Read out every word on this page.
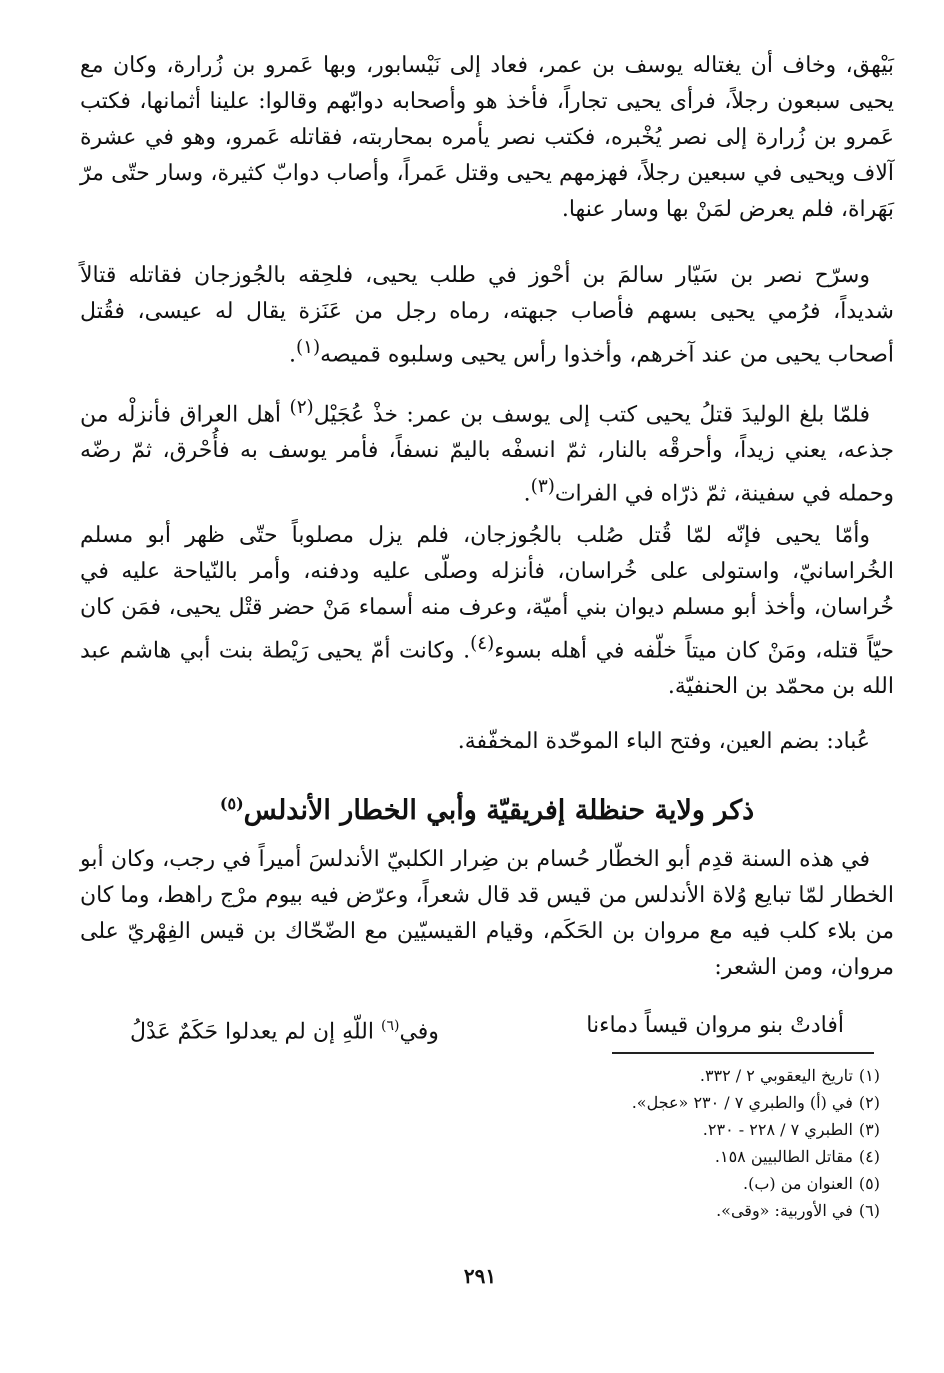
بَيْهق، وخاف أن يغتاله يوسف بن عمر، فعاد إلى نَيْسابور، وبها عَمرو بن زُرارة، وكان مع يحيى سبعون رجلاً، فرأى يحيى تجاراً، فأخذ هو وأصحابه دوابّهم وقالوا: علينا أثمانها، فكتب عَمرو بن زُرارة إلى نصر يُخْبره، فكتب نصر يأمره بمحاربته، فقاتله عَمرو، وهو في عشرة آلاف ويحيى في سبعين رجلاً، فهزمهم يحيى وقتل عَمراً، وأصاب دوابّ كثيرة، وسار حتّى مرّ بَهَراة، فلم يعرض لمَنْ بها وسار عنها.

وسرّح نصر بن سَيّار سالمَ بن أحْوز في طلب يحيى، فلحِقه بالجُوزجان فقاتله قتالاً شديداً، فرُمي يحيى بسهم فأصاب جبهته، رماه رجل من عَنَزة يقال له عيسى، فقُتل أصحاب يحيى من عند آخرهم، وأخذوا رأس يحيى وسلبوه قميصه$^{(١)}$.

فلمّا بلغ الوليدَ قتلُ يحيى كتب إلى يوسف بن عمر: خذْ عُجَيْل$^{(٢)}$ أهل العراق فأنزلْه من جذعه، يعني زيداً، وأحرقْه بالنار، ثمّ انسفْه باليمّ نسفاً، فأمر يوسف به فأُحْرق، ثمّ رضّه وحمله في سفينة، ثمّ ذرّاه في الفرات$^{(٣)}$.

وأمّا يحيى فإنّه لمّا قُتل صُلب بالجُوزجان، فلم يزل مصلوباً حتّى ظهر أبو مسلم الخُراسانيّ، واستولى على خُراسان، فأنزله وصلّى عليه ودفنه، وأمر بالنّياحة عليه في خُراسان، وأخذ أبو مسلم ديوان بني أميّة، وعرف منه أسماء مَنْ حضر قتْل يحيى، فمَن كان حيّاً قتله، ومَنْ كان ميتاً خلّفه في أهله بسوء$^{(٤)}$. وكانت أمّ يحيى رَيْطة بنت أبي هاشم عبد الله بن محمّد بن الحنفيّة.

عُباد: بضم العين، وفتح الباء الموحّدة المخفّفة.

ذكر ولاية حنظلة إفريقيّة وأبي الخطار الأندلس$^{(٥)}$

في هذه السنة قدِم أبو الخطّار حُسام بن ضِرار الكلبيّ الأندلسَ أميراً في رجب، وكان أبو الخطار لمّا تبايع وُلاة الأندلس من قيس قد قال شعراً، وعرّض فيه بيوم مرْج راهط، وما كان من بلاء كلب فيه مع مروان بن الحَكَم، وقيام القيسيّين مع الضّحّاك بن قيس الفِهْريّ على مروان، ومن الشعر:

أفادتْ بنو مروان قيساً دماءنا
وفي$^{(٦)}$ اللّهِ إن لم يعدلوا حَكَمٌ عَدْلُ
(١)تاريخ اليعقوبي ٢ / ٣٣٢.
(٢)في (أ) والطبري ٧ / ٢٣٠ «عجل».
(٣)الطبري ٧ / ٢٢٨ - ٢٣٠.
(٤)مقاتل الطالبيين ١٥٨.
(٥)العنوان من (ب).
(٦)في الأوربية: «وقى».
٢٩١
